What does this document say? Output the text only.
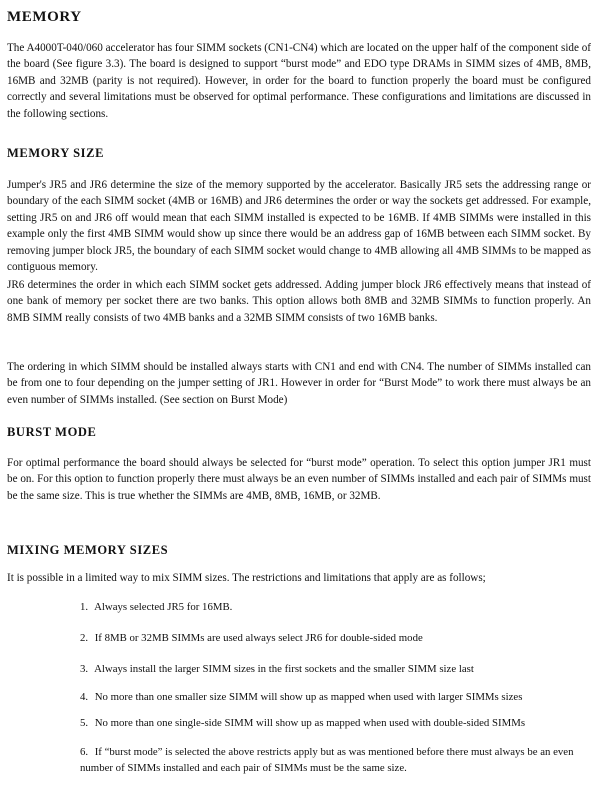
MEMORY

The A4000T-040/060 accelerator has four SIMM sockets (CN1-CN4) which are located on the upper half of the component side of the board (See figure 3.3). The board is designed to support “burst mode” and EDO type DRAMs in SIMM sizes of 4MB, 8MB, 16MB and 32MB (parity is not required). However, in order for the board to function properly the board must be configured correctly and several limitations must be observed for optimal performance. These configurations and limitations are discussed in the following sections.

MEMORY SIZE

Jumper's JR5 and JR6 determine the size of the memory supported by the accelerator. Basically JR5 sets the addressing range or boundary of the each SIMM socket (4MB or 16MB) and JR6 determines the order or way the sockets get addressed. For example, setting JR5 on and JR6 off would mean that each SIMM installed is expected to be 16MB. If 4MB SIMMs were installed in this example only the first 4MB SIMM would show up since there would be an address gap of 16MB between each SIMM socket. By removing jumper block JR5, the boundary of each SIMM socket would change to 4MB allowing all 4MB SIMMs to be mapped as contiguous memory.

JR6 determines the order in which each SIMM socket gets addressed. Adding jumper block JR6 effectively means that instead of one bank of memory per socket there are two banks. This option allows both 8MB and 32MB SIMMs to function properly. An 8MB SIMM really consists of two 4MB banks and a 32MB SIMM consists of two 16MB banks.

The ordering in which SIMM should be installed always starts with CN1 and end with CN4. The number of SIMMs installed can be from one to four depending on the jumper setting of JR1. However in order for “Burst Mode” to work there must always be an even number of SIMMs installed. (See section on Burst Mode)

BURST MODE

For optimal performance the board should always be selected for “burst mode” operation. To select this option jumper JR1 must be on. For this option to function properly there must always be an even number of SIMMs installed and each pair of SIMMs must be the same size. This is true whether the SIMMs are 4MB, 8MB, 16MB, or 32MB.

MIXING MEMORY SIZES

It is possible in a limited way to mix SIMM sizes. The restrictions and limitations that apply are as follows;

1. Always selected JR5 for 16MB.

2. If 8MB or 32MB SIMMs are used always select JR6 for double-sided mode

3. Always install the larger SIMM sizes in the first sockets and the smaller SIMM size last

4. No more than one smaller size SIMM will show up as mapped when used with larger SIMMs sizes

5. No more than one single-side SIMM will show up as mapped when used with double-sided SIMMs

6. If “burst mode” is selected the above restricts apply but as was mentioned before there must always be an even number of SIMMs installed and each pair of SIMMs must be the same size.
